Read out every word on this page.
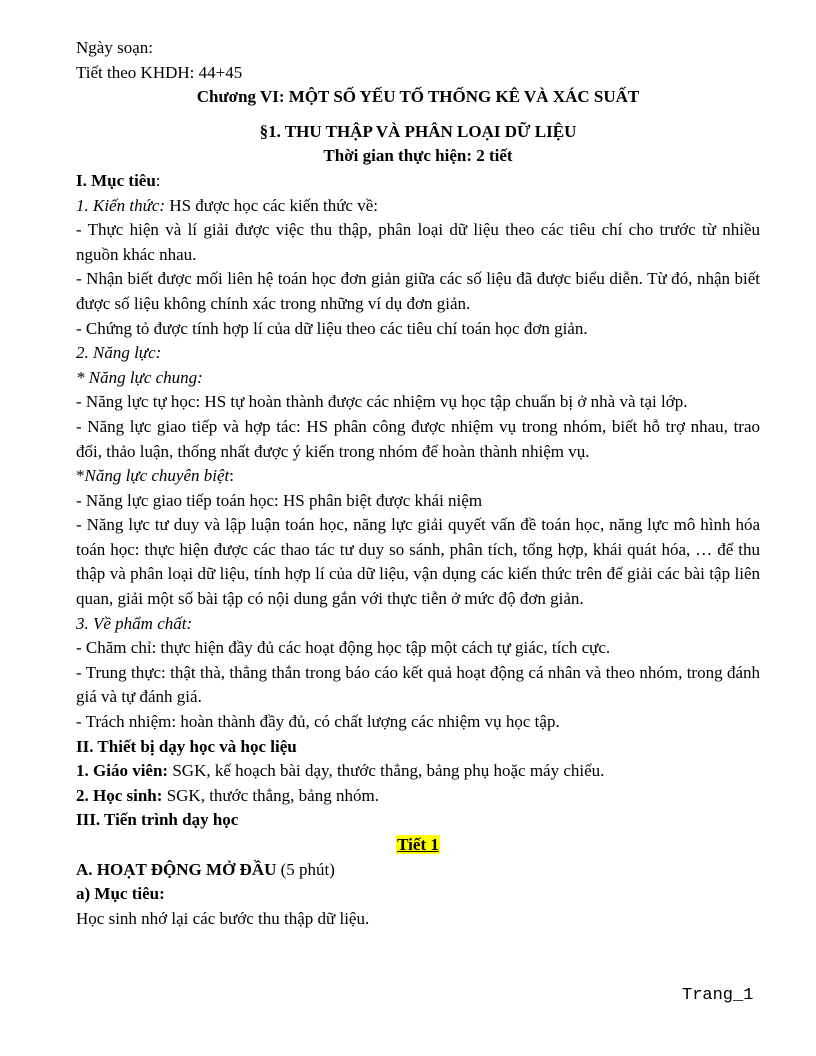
Ngày soạn:

Tiết theo KHDH: 44+45

Chương VI: MỘT SỐ YẾU TỐ THỐNG KÊ VÀ XÁC SUẤT

§1. THU THẬP VÀ PHÂN LOẠI DỮ LIỆU

Thời gian thực hiện: 2 tiết

I. Mục tiêu:

1. Kiến thức: HS được học các kiến thức về:

- Thực hiện và lí giải được việc thu thập, phân loại dữ liệu theo các tiêu chí cho trước từ nhiều nguồn khác nhau.

- Nhận biết được mối liên hệ toán học đơn giản giữa các số liệu đã được biểu diễn. Từ đó, nhận biết được số liệu không chính xác trong những ví dụ đơn giản.

- Chứng tỏ được tính hợp lí của dữ liệu theo các tiêu chí toán học đơn giản.

2. Năng lực:

* Năng lực chung:

- Năng lực tự học: HS tự hoàn thành được các nhiệm vụ học tập chuẩn bị ở nhà và tại lớp.

- Năng lực giao tiếp và hợp tác: HS phân công được nhiệm vụ trong nhóm, biết hỗ trợ nhau, trao đổi, thảo luận, thống nhất được ý kiến trong nhóm để hoàn thành nhiệm vụ.

*Năng lực chuyên biệt:

- Năng lực giao tiếp toán học: HS phân biệt được khái niệm

- Năng lực tư duy và lập luận toán học, năng lực giải quyết vấn đề toán học, năng lực mô hình hóa toán học: thực hiện được các thao tác tư duy so sánh, phân tích, tổng hợp, khái quát hóa, … để thu thập và phân loại dữ liệu, tính hợp lí của dữ liệu, vận dụng các kiến thức trên để giải các bài tập liên quan, giải một số bài tập có nội dung gắn với thực tiễn ở mức độ đơn giản.

3. Về phẩm chất:

- Chăm chỉ: thực hiện đầy đủ các hoạt động học tập một cách tự giác, tích cực.

- Trung thực: thật thà, thẳng thắn trong báo cáo kết quả hoạt động cá nhân và theo nhóm, trong đánh giá và tự đánh giá.

- Trách nhiệm: hoàn thành đầy đủ, có chất lượng các nhiệm vụ học tập.

II. Thiết bị dạy học và học liệu

1. Giáo viên: SGK, kế hoạch bài dạy, thước thẳng, bảng phụ hoặc máy chiếu.

2. Học sinh: SGK, thước thẳng, bảng nhóm.

III. Tiến trình dạy học

Tiết 1

A. HOẠT ĐỘNG MỞ ĐẦU (5 phút)

a) Mục tiêu:

Học sinh nhớ lại các bước thu thập dữ liệu.

Trang_1
